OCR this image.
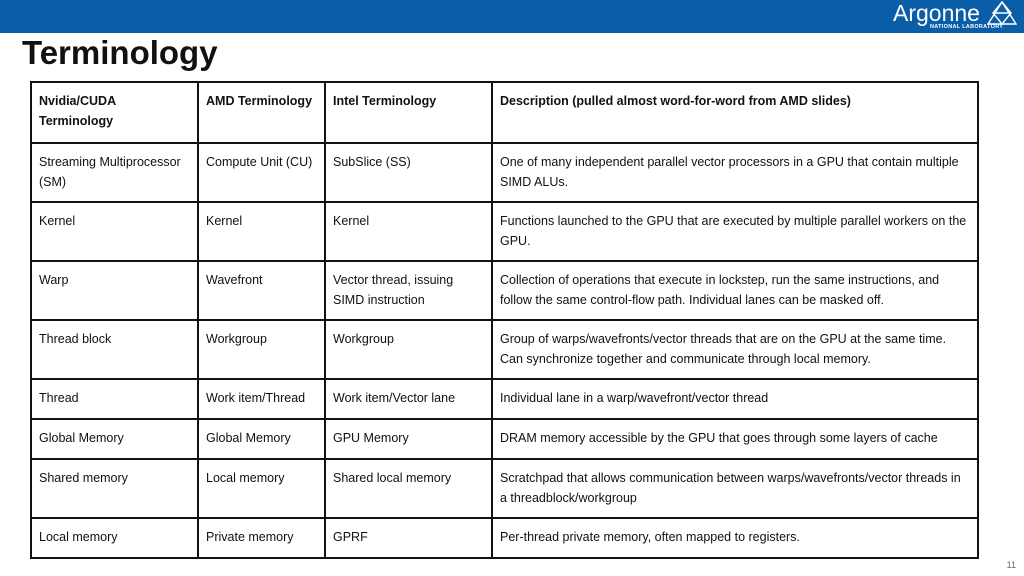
Argonne
NATIONAL LABORATORY
Terminology
Nvidia/CUDA Terminology	AMD Terminology	Intel Terminology	Description (pulled almost word-for-word from AMD slides)
Streaming Multiprocessor (SM)	Compute Unit (CU)	SubSlice (SS)	One of many independent parallel vector processors in a GPU that contain multiple SIMD ALUs.
Kernel	Kernel	Kernel	Functions launched to the GPU that are executed by multiple parallel workers on the GPU.
Warp	Wavefront	Vector thread, issuing SIMD instruction	Collection of operations that execute in lockstep, run the same instructions, and follow the same control-flow path. Individual lanes can be masked off.
Thread block	Workgroup	Workgroup	Group of warps/wavefronts/vector threads that are on the GPU at the same time. Can synchronize together and communicate through local memory.
Thread	Work item/Thread	Work item/Vector lane	Individual lane in a warp/wavefront/vector thread
Global Memory	Global Memory	GPU Memory	DRAM memory accessible by the GPU that goes through some layers of cache
Shared memory	Local memory	Shared local memory	Scratchpad that allows communication between warps/wavefronts/vector threads in a threadblock/workgroup
Local memory	Private memory	GPRF	Per-thread private memory, often mapped to registers.
11
